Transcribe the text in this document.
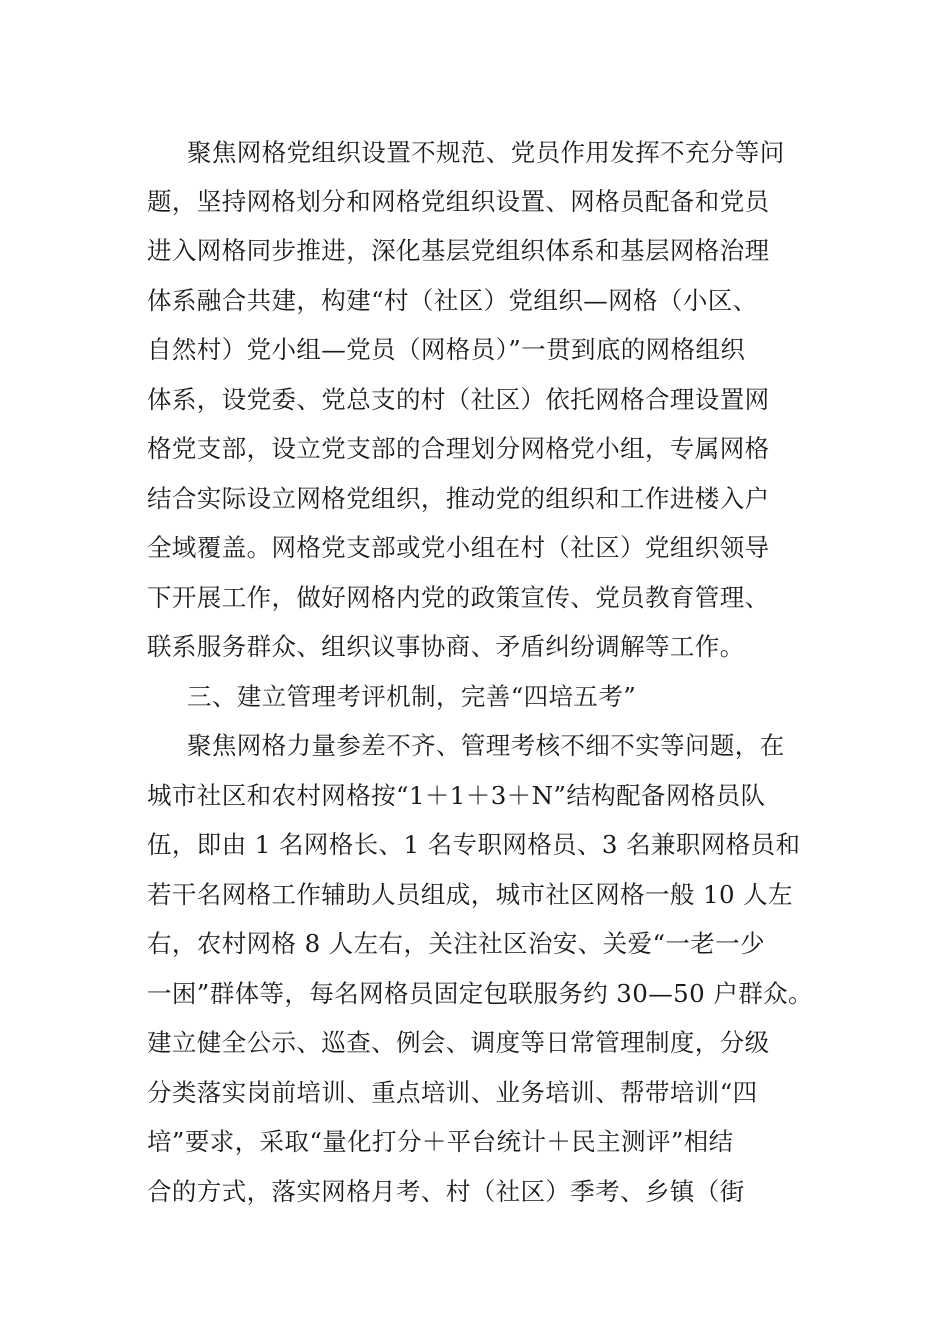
聚焦网格党组织设置不规范、党员作用发挥不充分等问

题，坚持网格划分和网格党组织设置、网格员配备和党员

进入网格同步推进，深化基层党组织体系和基层网格治理

体系融合共建，构建“村（社区）党组织—网格（小区、

自然村）党小组—党员（网格员）”一贯到底的网格组织

体系，设党委、党总支的村（社区）依托网格合理设置网

格党支部，设立党支部的合理划分网格党小组，专属网格

结合实际设立网格党组织，推动党的组织和工作进楼入户

全域覆盖。网格党支部或党小组在村（社区）党组织领导

下开展工作，做好网格内党的政策宣传、党员教育管理、

联系服务群众、组织议事协商、矛盾纠纷调解等工作。

三、建立管理考评机制，完善“四培五考”

聚焦网格力量参差不齐、管理考核不细不实等问题，在

城市社区和农村网格按“1＋1＋3＋N”结构配备网格员队

伍，即由 1 名网格长、1 名专职网格员、3 名兼职网格员和

若干名网格工作辅助人员组成，城市社区网格一般 10 人左

右，农村网格 8 人左右，关注社区治安、关爱“一老一少

一困”群体等，每名网格员固定包联服务约 30—50 户群众。

建立健全公示、巡查、例会、调度等日常管理制度，分级

分类落实岗前培训、重点培训、业务培训、帮带培训“四

培”要求，采取“量化打分＋平台统计＋民主测评”相结

合的方式，落实网格月考、村（社区）季考、乡镇（街
